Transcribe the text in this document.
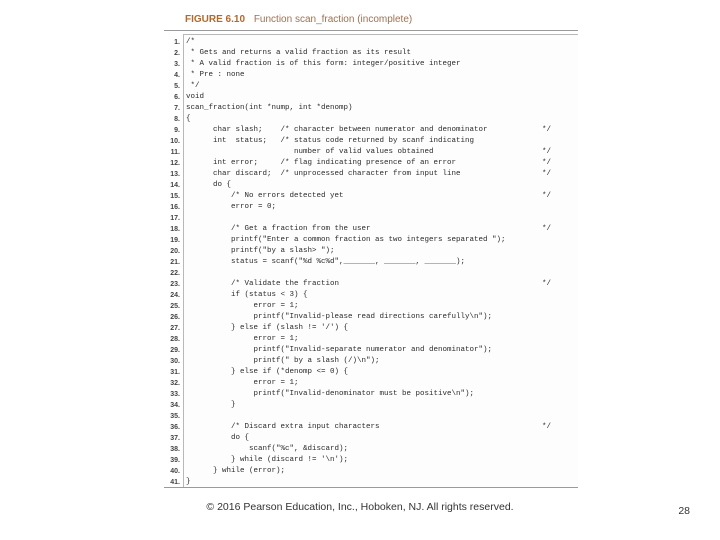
FIGURE 6.10 Function scan_fraction (incomplete)
1. /*
2. * Gets and returns a valid fraction as its result
3. * A valid fraction is of this form: integer/positive integer
4. * Pre : none
5. */
6. void
7. scan_fraction(int *nump, int *denomp)
8. {
9. char slash;    /* character between numerator and denominator	*/
10. int  status;   /* status code returned by scanf indicating
11. number of valid values obtained	*/
12. int error;     /* flag indicating presence of an error	*/
13. char discard;  /* unprocessed character from input line	*/
14. do {
15. /* No errors detected yet	*/
16. error = 0;
17.
18. /* Get a fraction from the user	*/
19. printf("Enter a common fraction as two integers separated ");
20. printf("by a slash> ");
21. status = scanf("%d %c%d",_______, _______, _______);
22.
23. /* Validate the fraction	*/
24. if (status < 3) {
25. error = 1;
26. printf("Invalid-please read directions carefully\n");
27. } else if (slash != '/') {
28. error = 1;
29. printf("Invalid-separate numerator and denominator");
30. printf(" by a slash (/)\n");
31. } else if (*denomp <= 0) {
32. error = 1;
33. printf("Invalid-denominator must be positive\n");
34. }
35.
36. /* Discard extra input characters	*/
37. do {
38. scanf("%c", &discard);
39. } while (discard != '\n');
40. } while (error);
41. }
© 2016 Pearson Education, Inc., Hoboken, NJ. All rights reserved.	28
